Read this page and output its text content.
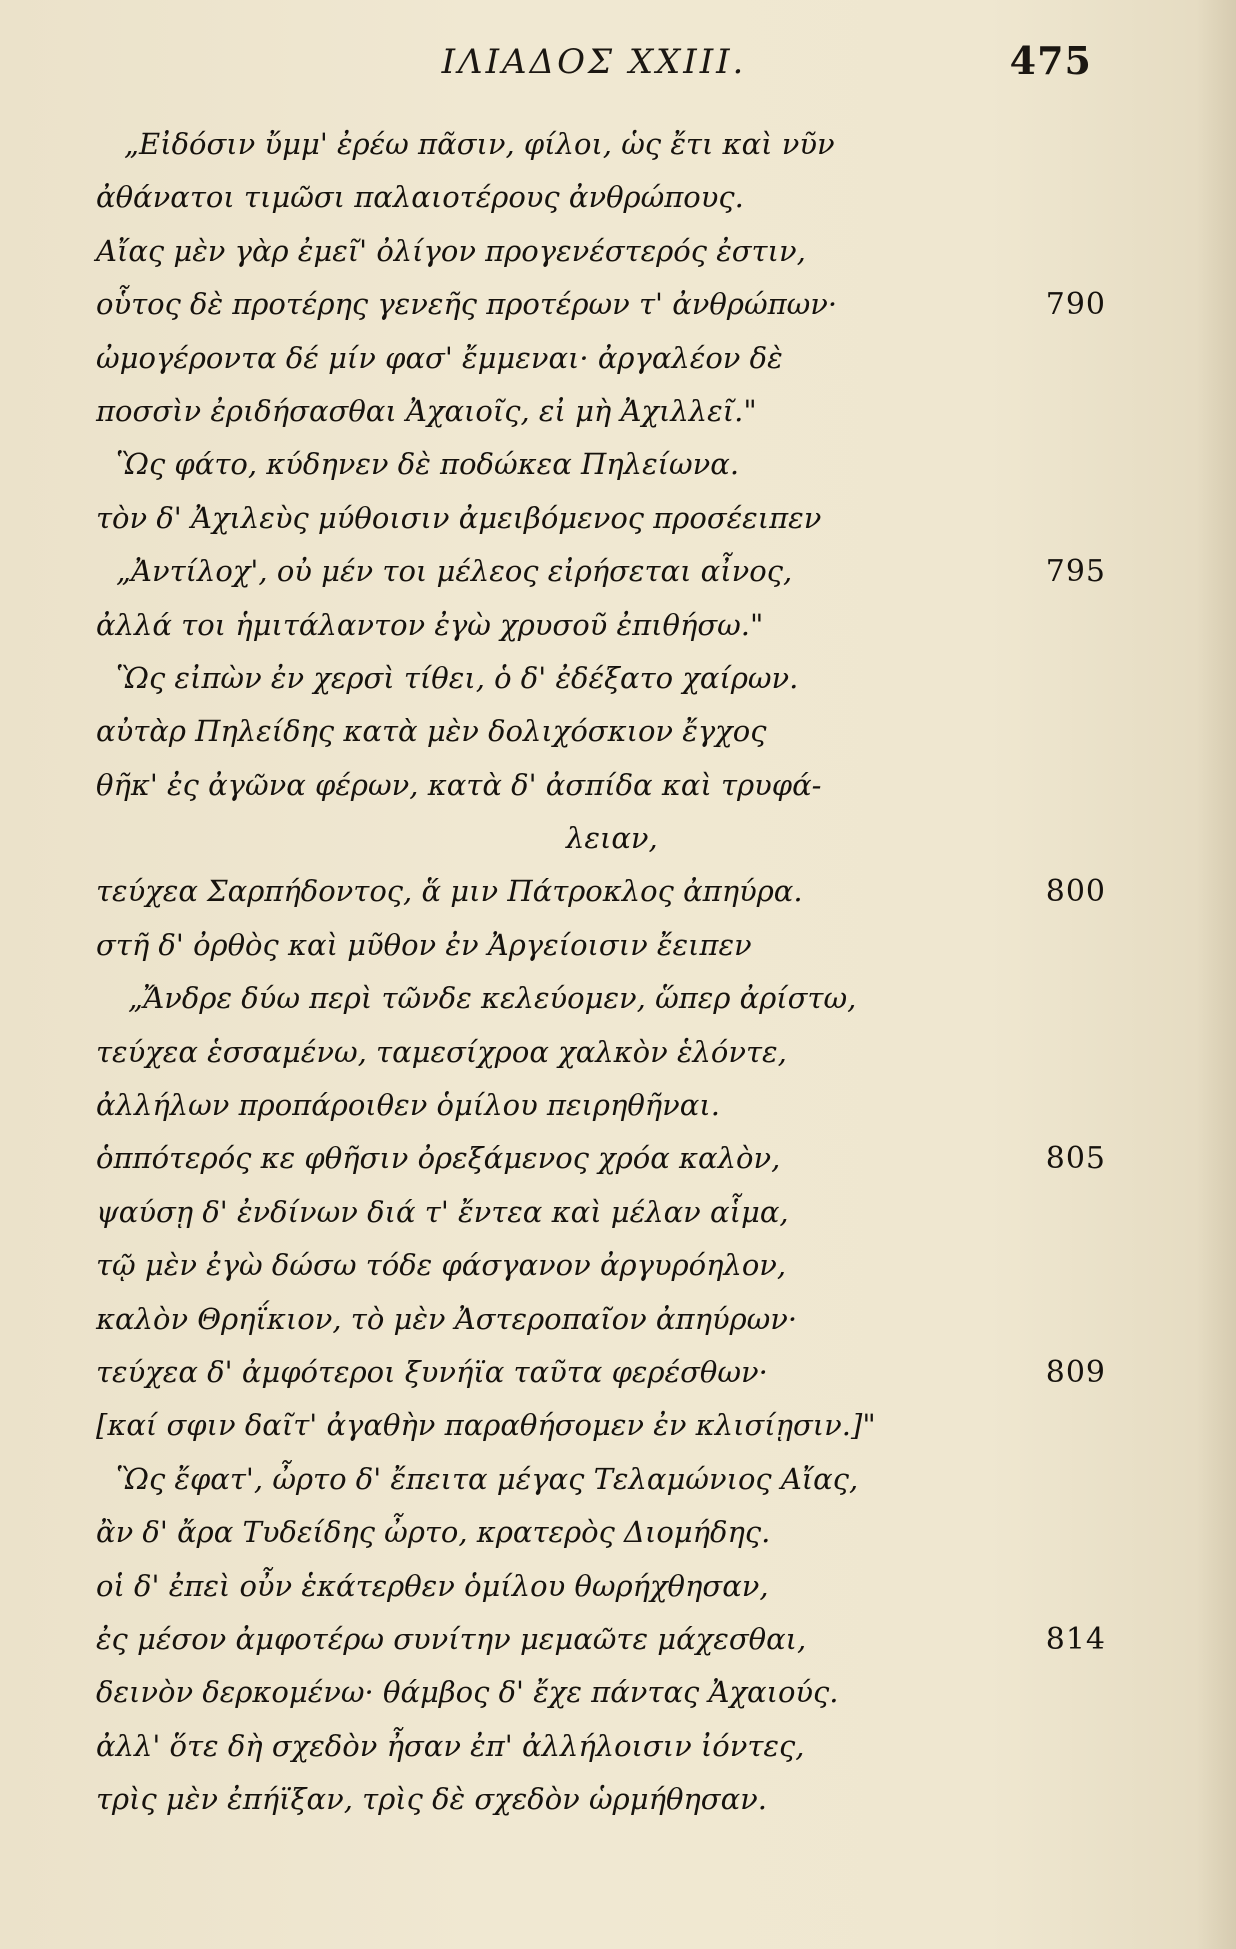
ΙΛΙΑΔΟΣ XXIII.	475
„Εἰδόσιν ὔμμ' ἐρέω πᾶσιν, φίλοι, ὡς ἔτι καὶ νῦν
ἀθάνατοι τιμῶσι παλαιοτέρους ἀνθρώπους.
Αἴας μὲν γὰρ ἐμεῖ' ὀλίγον προγενέστερός ἐστιν,
οὗτος δὲ προτέρης γενεῆς προτέρων τ' ἀνθρώπων·	790
ὠμογέροντα δέ μίν φασ' ἔμμεναι· ἀργαλέον δὲ
ποσσὶν ἐριδήσασθαι Ἀχαιοῖς, εἰ μὴ Ἀχιλλεῖ."
Ὣς φάτο, κύδηνεν δὲ ποδώκεα Πηλείωνα.
τὸν δ' Ἀχιλεὺς μύθοισιν ἀμειβόμενος προσέειπεν
„Ἀντίλοχ', οὐ μέν τοι μέλεος εἰρήσεται αἶνος,	795
ἀλλά τοι ἡμιτάλαντον ἐγὼ χρυσοῦ ἐπιθήσω."
Ὣς εἰπὼν ἐν χερσὶ τίθει, ὁ δ' ἐδέξατο χαίρων.
αὐτὰρ Πηλείδης κατὰ μὲν δολιχόσκιον ἔγχος
θῆκ' ἐς ἀγῶνα φέρων, κατὰ δ' ἀσπίδα καὶ τρυφά-
λειαν,
τεύχεα Σαρπήδοντος, ἅ μιν Πάτροκλος ἀπηύρα.	800
στῆ δ' ὀρθὸς καὶ μῦθον ἐν Ἀργείοισιν ἔειπεν
„Ἄνδρε δύω περὶ τῶνδε κελεύομεν, ὥπερ ἀρίστω,
τεύχεα ἑσσαμένω, ταμεσίχροα χαλκὸν ἑλόντε,
ἀλλήλων προπάροιθεν ὁμίλου πειρηθῆναι.
ὁππότερός κε φθῆσιν ὀρεξάμενος χρόα καλὸν,	805
ψαύσῃ δ' ἐνδίνων διά τ' ἔντεα καὶ μέλαν αἷμα,
τῷ μὲν ἐγὼ δώσω τόδε φάσγανον ἀργυρόηλον,
καλὸν Θρηΐκιον, τὸ μὲν Ἀστεροπαῖον ἀπηύρων·
τεύχεα δ' ἀμφότεροι ξυνήϊα ταῦτα φερέσθων·	809
[καί σφιν δαῖτ' ἀγαθὴν παραθήσομεν ἐν κλισίῃσιν.]"
Ὣς ἔφατ', ὦρτο δ' ἔπειτα μέγας Τελαμώνιος Αἴας,
ἂν δ' ἄρα Τυδείδης ὦρτο, κρατερὸς Διομήδης.
οἱ δ' ἐπεὶ οὖν ἑκάτερθεν ὁμίλου θωρήχθησαν,
ἐς μέσον ἀμφοτέρω συνίτην μεμαῶτε μάχεσθαι,	814
δεινὸν δερκομένω· θάμβος δ' ἔχε πάντας Ἀχαιούς.
ἀλλ' ὅτε δὴ σχεδὸν ἦσαν ἐπ' ἀλλήλοισιν ἰόντες,
τρὶς μὲν ἐπήϊξαν, τρὶς δὲ σχεδὸν ὡρμήθησαν.
